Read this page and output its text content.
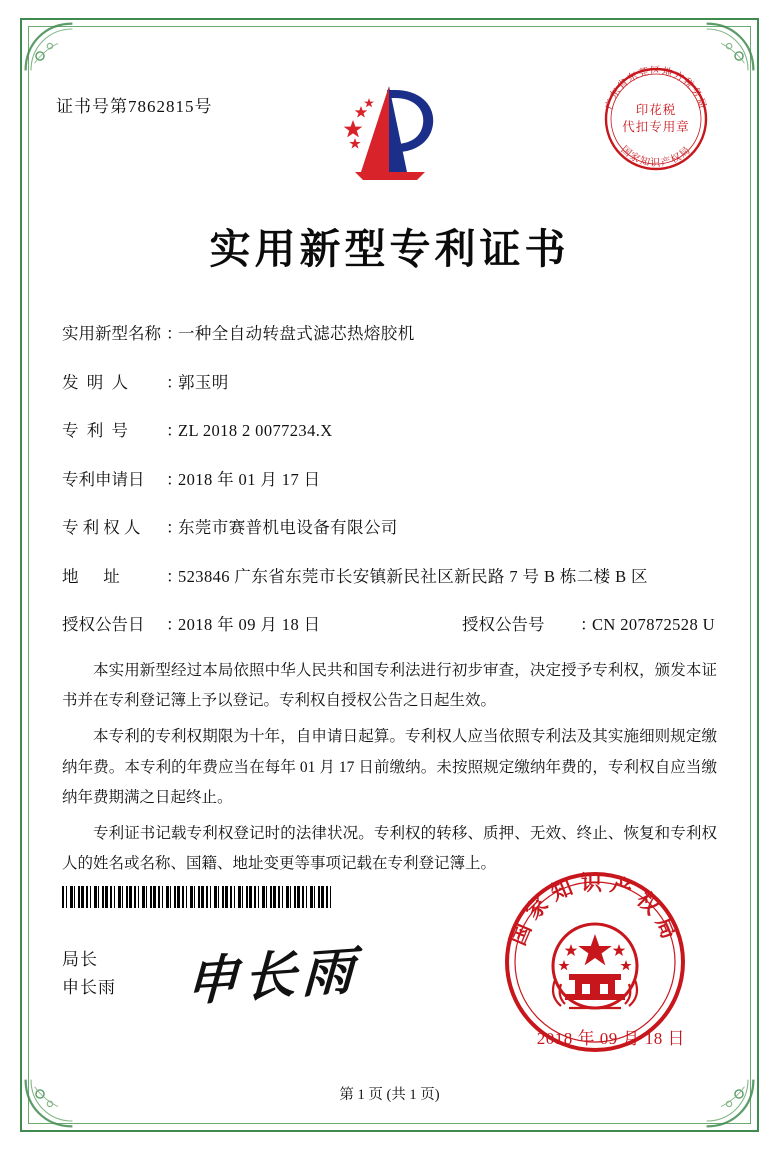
证书号第7862815号	广东省东莞区地方税务局
国家知识产权局
印花税
代扣专用章
实用新型专利证书
实用新型名称 ：
一种全自动转盘式滤芯热熔胶机
发  明  人	：
郭玉明
专  利  号	：
ZL 2018 2 0077234.X
专利申请日	：
2018 年 01 月 17 日
专 利 权 人	：
东莞市赛普机电设备有限公司
地      址	：
523846 广东省东莞市长安镇新民社区新民路 7 号 B 栋二楼 B 区
授权公告日	：
2018 年 09 月 18 日	授权公告号	：
CN 207872528 U

本实用新型经过本局依照中华人民共和国专利法进行初步审查，决定授予专利权，颁发本证书并在专利登记簿上予以登记。专利权自授权公告之日起生效。

本专利的专利权期限为十年，自申请日起算。专利权人应当依照专利法及其实施细则规定缴纳年费。本专利的年费应当在每年 01 月 17 日前缴纳。未按照规定缴纳年费的，专利权自应当缴纳年费期满之日起终止。

专利证书记载专利权登记时的法律状况。专利权的转移、质押、无效、终止、恢复和专利权人的姓名或名称、国籍、地址变更等事项记载在专利登记簿上。

局长
申长雨 申长雨
国家知识产权局
2018 年 09 月 18 日
第 1 页 (共 1 页)
